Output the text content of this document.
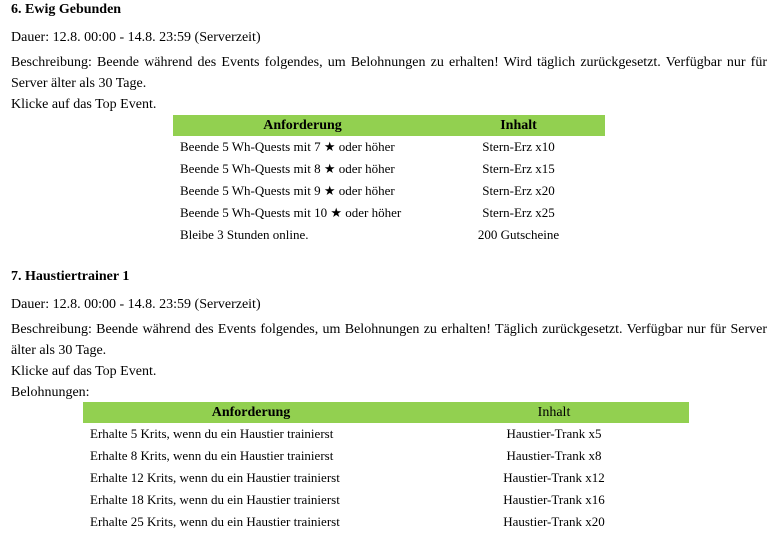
6. Ewig Gebunden
Dauer: 12.8. 00:00 - 14.8. 23:59 (Serverzeit)
Beschreibung: Beende während des Events folgendes, um Belohnungen zu erhalten! Wird täglich zurückgesetzt. Verfügbar nur für Server älter als 30 Tage.
Klicke auf das Top Event.
Anforderung	Inhalt
Beende 5 Wh-Quests mit 7 ★ oder höher	Stern-Erz x10
Beende 5 Wh-Quests mit 8 ★ oder höher	Stern-Erz x15
Beende 5 Wh-Quests mit 9 ★ oder höher	Stern-Erz x20
Beende 5 Wh-Quests mit 10 ★ oder höher	Stern-Erz x25
Bleibe 3 Stunden online.	200 Gutscheine
7. Haustiertrainer 1
Dauer: 12.8. 00:00 - 14.8. 23:59 (Serverzeit)
Beschreibung: Beende während des Events folgendes, um Belohnungen zu erhalten! Täglich zurückgesetzt. Verfügbar nur für Server älter als 30 Tage.
Klicke auf das Top Event.
Belohnungen:
Anforderung	Inhalt
Erhalte 5 Krits, wenn du ein Haustier trainierst	Haustier-Trank x5
Erhalte 8 Krits, wenn du ein Haustier trainierst	Haustier-Trank x8
Erhalte 12 Krits, wenn du ein Haustier trainierst	Haustier-Trank x12
Erhalte 18 Krits, wenn du ein Haustier trainierst	Haustier-Trank x16
Erhalte 25 Krits, wenn du ein Haustier trainierst	Haustier-Trank x20
